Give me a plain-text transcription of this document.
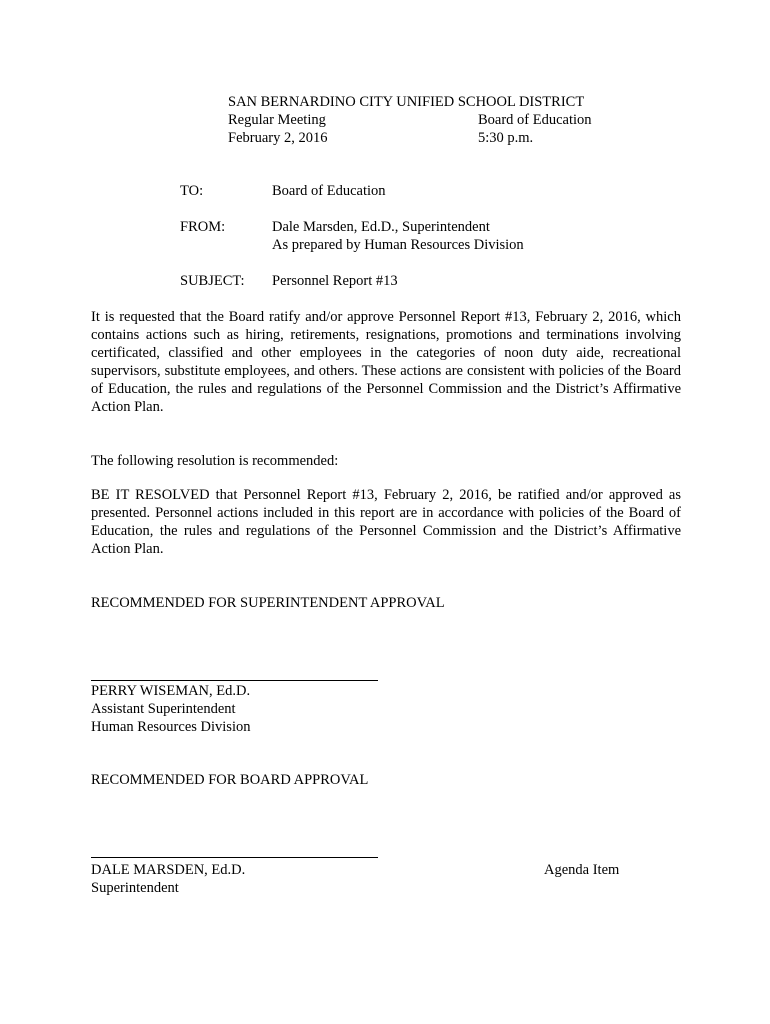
SAN BERNARDINO CITY UNIFIED SCHOOL DISTRICT
Regular Meeting	Board of Education
February 2, 2016	5:30 p.m.
TO:	Board of Education
FROM:	Dale Marsden, Ed.D., Superintendent
As prepared by Human Resources Division
SUBJECT: Personnel Report #13
It is requested that the Board ratify and/or approve Personnel Report #13, February 2, 2016, which contains actions such as hiring, retirements, resignations, promotions and terminations involving certificated, classified and other employees in the categories of noon duty aide, recreational supervisors, substitute employees, and others. These actions are consistent with policies of the Board of Education, the rules and regulations of the Personnel Commission and the District’s Affirmative Action Plan.
The following resolution is recommended:
BE IT RESOLVED that Personnel Report #13, February 2, 2016, be ratified and/or approved as presented. Personnel actions included in this report are in accordance with policies of the Board of Education, the rules and regulations of the Personnel Commission and the District’s Affirmative Action Plan.
RECOMMENDED FOR SUPERINTENDENT APPROVAL
PERRY WISEMAN, Ed.D.
Assistant Superintendent
Human Resources Division
RECOMMENDED FOR BOARD APPROVAL
DALE MARSDEN, Ed.D.
Superintendent
Agenda Item
